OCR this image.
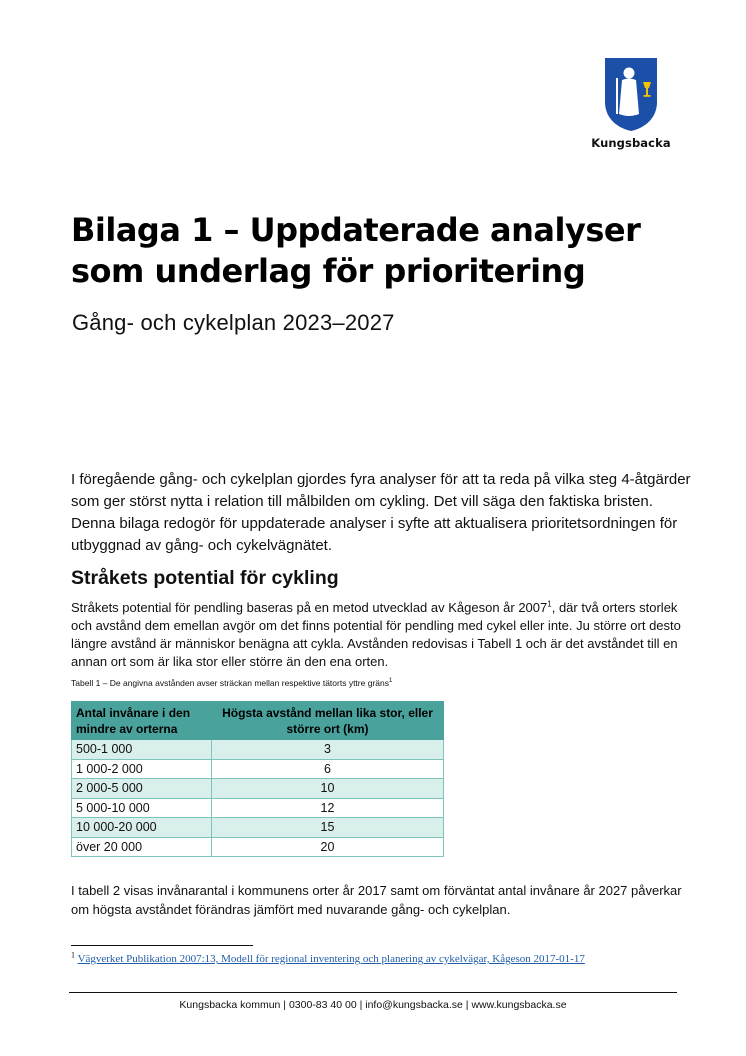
Kungsbacka
Bilaga 1 – Uppdaterade analyser som underlag för prioritering
Gång- och cykelplan 2023–2027

I föregående gång- och cykelplan gjordes fyra analyser för att ta reda på vilka steg 4-åtgärder som ger störst nytta i relation till målbilden om cykling. Det vill säga den faktiska bristen. Denna bilaga redogör för uppdaterade analyser i syfte att aktualisera prioritetsordningen för utbyggnad av gång- och cykelvägnätet.

Stråkets potential för cykling

Stråkets potential för pendling baseras på en metod utvecklad av Kågeson år 2007$^1$, där två orters storlek och avstånd dem emellan avgör om det finns potential för pendling med cykel eller inte. Ju större ort desto längre avstånd är människor benägna att cykla. Avstånden redovisas i Tabell 1 och är det avståndet till en annan ort som är lika stor eller större än den ena orten.

Tabell 1 – De angivna avstånden avser sträckan mellan respektive tätorts yttre gräns$^1$
Antal invånare i den mindre av orterna	Högsta avstånd mellan lika stor, eller större ort (km)
500-1 000	3
1 000-2 000	6
2 000-5 000	10
5 000-10 000	12
10 000-20 000	15
över 20 000	20

I tabell 2 visas invånarantal i kommunens orter år 2017 samt om förväntat antal invånare år 2027 påverkar om högsta avståndet förändras jämfört med nuvarande gång- och cykelplan.

$^1$ Vägverket Publikation 2007:13, Modell för regional inventering och planering av cykelvägar, Kågeson 2017-01-17
Kungsbacka kommun | 0300-83 40 00 | info@kungsbacka.se | www.kungsbacka.se
